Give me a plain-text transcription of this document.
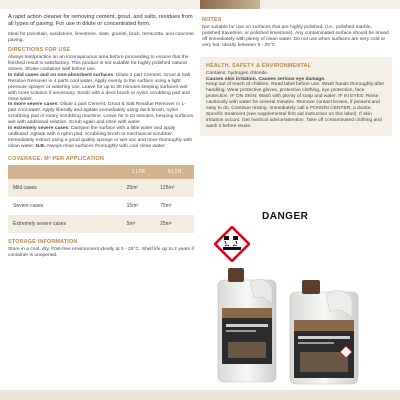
A rapid action cleaner for removing cement, grout, and salts, residues from all types of paving. For use in dilute or concentrated form.

Ideal for porcelain, sandstone, limestone, slate, granite, brick, terracotta, and concrete paving.

DIRECTIONS FOR USE

Always test/practice on an inconspicuous area before proceeding to ensure that the finished result is satisfactory. This product is not suitable for highly polished natural stones. Shake container well before use.

In mild cases and on non-absorbent surfaces: Dilute 1 part Cement, Grout & Salt Residue Remover in 4 parts cool water. Apply evenly to the surface using a light pressure sprayer or watering can. Leave for up to 30 minutes keeping surfaces wet with more solution if necessary. Scrub with a deck brush or nylon scrubbing pad and rinse water.

In more severe cases: Dilute 1 part Cement, Grout & Salt Residue Remover in 1-part cool water. Apply liberally and agitate immediately using deck brush, nylon scrubbing pad or rotary scrubbing machine. Leave for 5-10 minutes, keeping surfaces wet with additional solution. Scrub again and rinse with water.

In extremely severe cases: Dampen the surface with a little water and apply undiluted. Agitate with a nylon pad, scrubbing brush or mechanical scrubber. Immediately extract using a good quality sponge or wet vac and rinse thoroughly with clean water. N.B. Always rinse surfaces thoroughly with cool clean water.

COVERAGE: M² PER APPLICATION
	1 LTR	5 LTR
Mild cases	25m²	125m²
Severe cases	15m²	75m²
Extremely severe cases	5m²	25m²
STORAGE INFORMATION

Store in a cool, dry, frost-free environment ideally at 5 - 25°C. Shelf life up to 2 years if container is unopened.

NOTES

Not suitable for use on surfaces that are highly polished, (i.e., polished marble, polished travertine, or polished limestone). Any contaminated surface should be rinsed off immediately with plenty of clean water. Do not use when surfaces are very cold or very hot. Ideally between 5 - 25°C.

HEALTH, SAFETY & ENVIRONMENTAL

Contains: hydrogen chloride.

Causes skin irritation. Causes serious eye damage.

Keep out of reach of children. Read label before use. Wash hands thoroughly after handling. Wear protective gloves, protective clothing, eye protection, face protection. IF ON SKIN: Wash with plenty of soap and water. IF IN EYES: Rinse cautiously with water for several minutes. Remove contact lenses, if present and easy to do. Continue rinsing. Immediately call a POISON CENTER, a doctor. Specific treatment (see supplemental first aid instruction on this label). If skin irritation occurs: Get medical advice/attention. Take off contaminated clothing and wash it before reuse.

DANGER
